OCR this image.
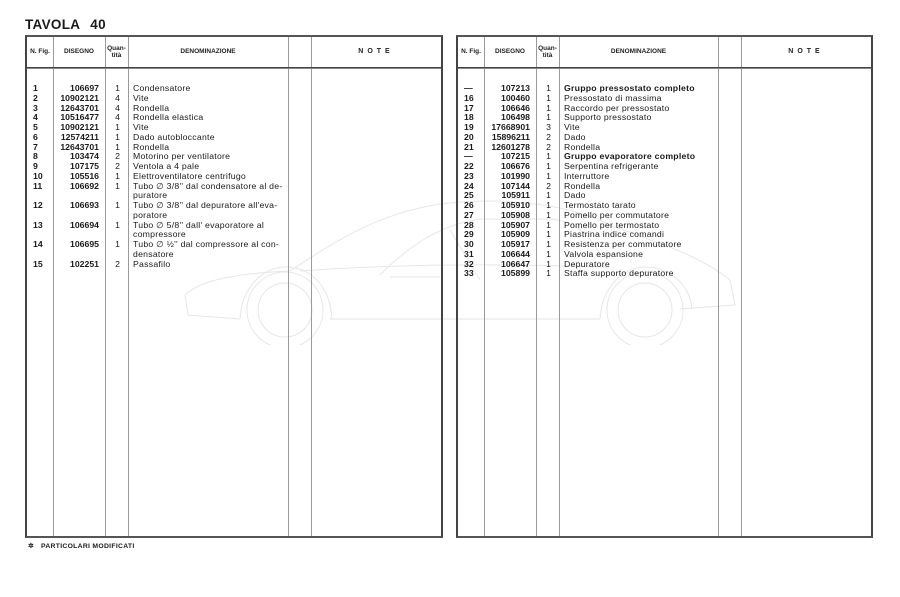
TAVOLA 40
N. Fig.	DISEGNO
Quan- tità
DENOMINAZIONE	NOTE
1	106697	1	Condensatore
2	10902121	4	Vite
3	12643701	4	Rondella
4	10516477	4	Rondella elastica
5	10902121	1	Vite
6	12574211	1	Dado autobloccante
7	12643701	1	Rondella
8	103474	2	Motorino per ventilatore
9	107175	2	Ventola a 4 pale
10	105516	1	Elettroventilatore centrifugo
11	106692	1	Tubo ∅ 3/8'' dal condensatore al de-puratore
12	106693	1	Tubo ∅ 3/8'' dal depuratore all'eva-poratore
13	106694	1	Tubo ∅ 5/8'' dall' evaporatore al compressore
14	106695	1	Tubo ∅ ½'' dal compressore al con-densatore
15	102251	2	Passafilo
N. Fig.	DISEGNO
Quan- tità
DENOMINAZIONE	NOTE
—	107213	1	Gruppo pressostato completo
16	100460	1	Pressostato di massima
17	106646	1	Raccordo per pressostato
18	106498	1	Supporto pressostato
19	17668901	3	Vite
20	15896211	2	Dado
21	12601278	2	Rondella
—	107215	1	Gruppo evaporatore completo
22	106676	1	Serpentina refrigerante
23	101990	1	Interruttore
24	107144	2	Rondella
25	105911	1	Dado
26	105910	1	Termostato tarato
27	105908	1	Pomello per commutatore
28	105907	1	Pomello per termostato
29	105909	1	Piastrina indice comandi
30	105917	1	Resistenza per commutatore
31	106644	1	Valvola espansione
32	106647	1	Depuratore
33	105899	1	Staffa supporto depuratore
✲ PARTICOLARI MODIFICATI
